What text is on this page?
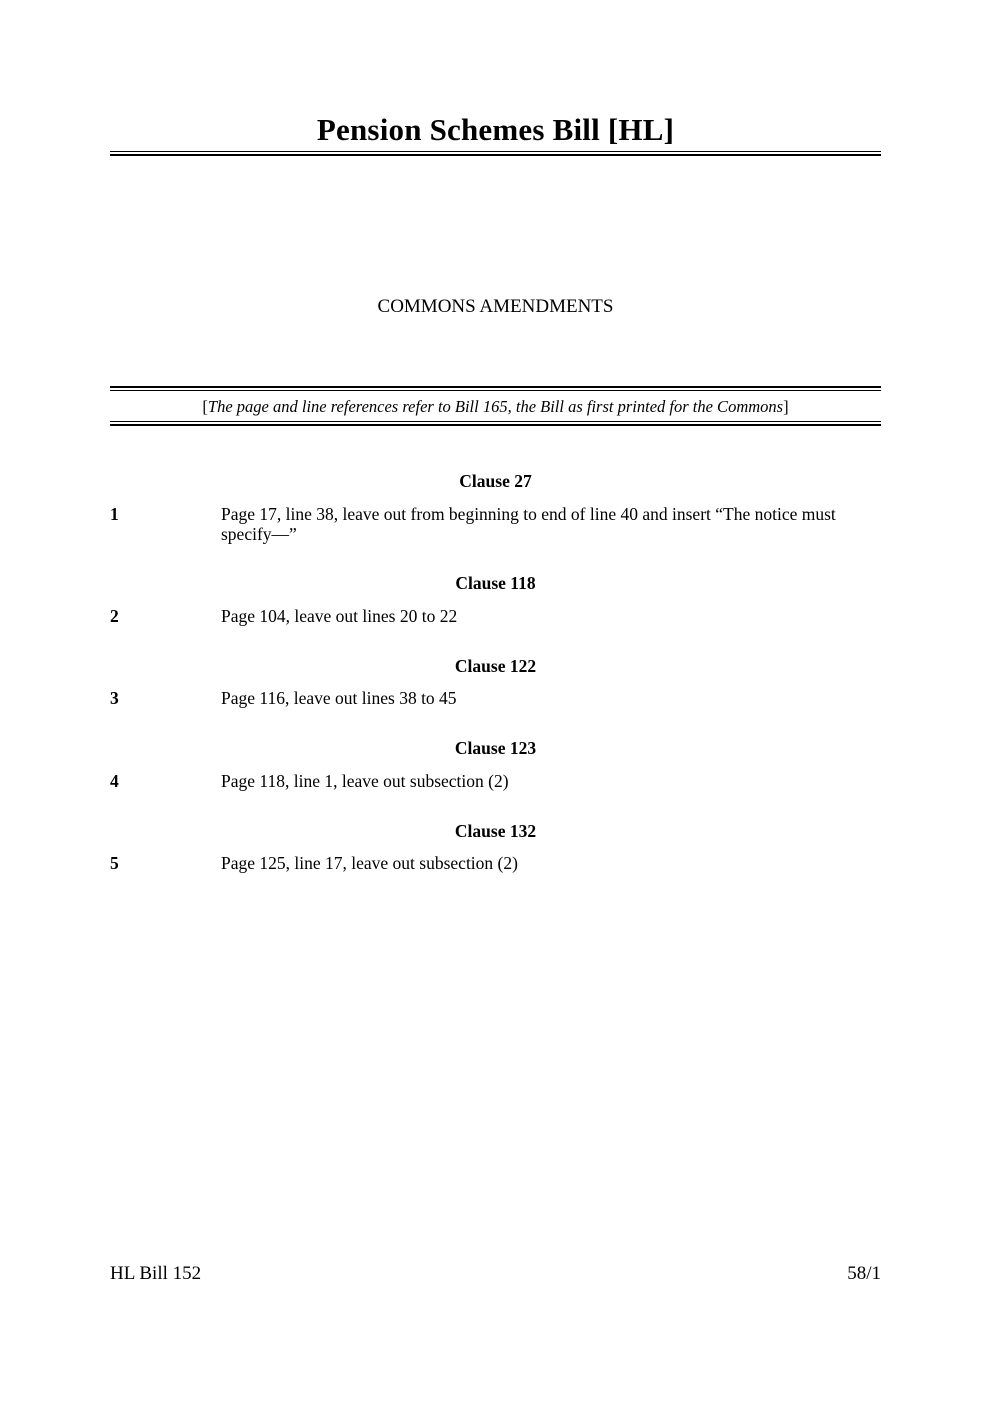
Pension Schemes Bill [HL]
COMMONS AMENDMENTS
[The page and line references refer to Bill 165, the Bill as first printed for the Commons]
Clause 27
1	Page 17, line 38, leave out from beginning to end of line 40 and insert “The notice must specify—”
Clause 118
2	Page 104, leave out lines 20 to 22
Clause 122
3	Page 116, leave out lines 38 to 45
Clause 123
4	Page 118, line 1, leave out subsection (2)
Clause 132
5	Page 125, line 17, leave out subsection (2)
HL Bill 152	58/1
